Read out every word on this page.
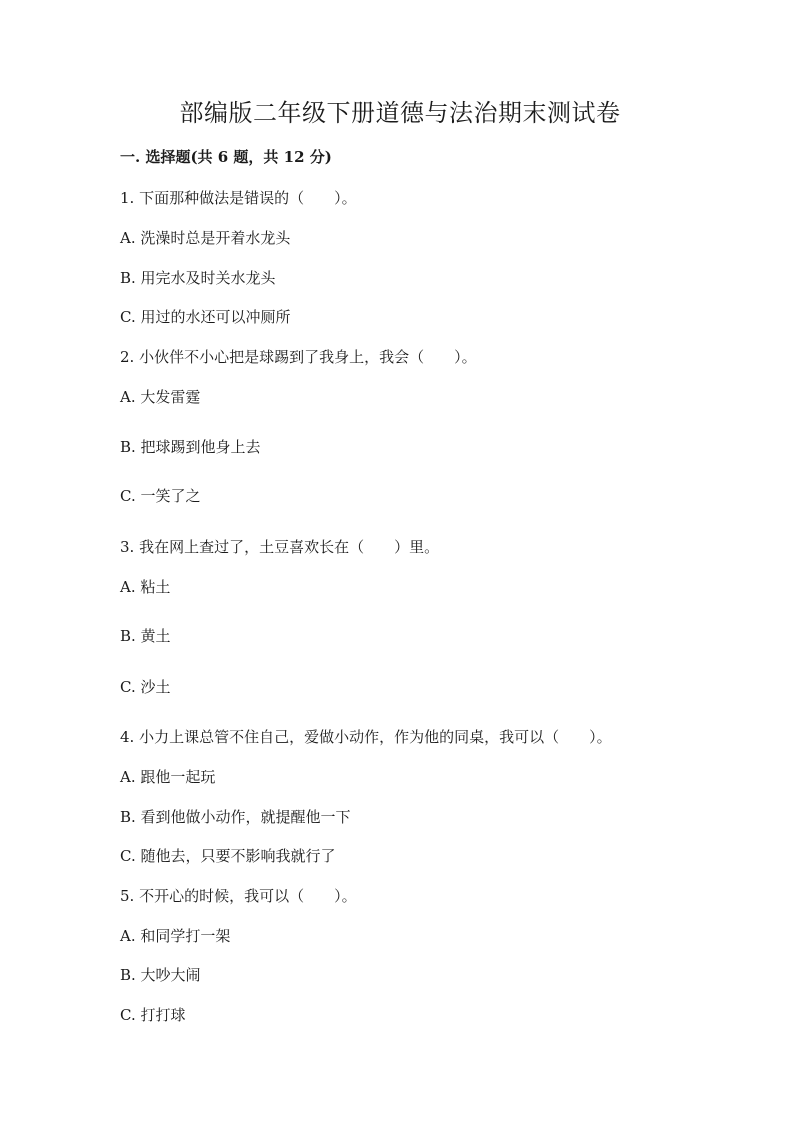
部编版二年级下册道德与法治期末测试卷
一. 选择题(共 6 题，共 12 分)
1. 下面那种做法是错误的（　　）。
A. 洗澡时总是开着水龙头
B. 用完水及时关水龙头
C. 用过的水还可以冲厕所
2. 小伙伴不小心把是球踢到了我身上，我会（　　）。
A. 大发雷霆
B. 把球踢到他身上去
C. 一笑了之
3. 我在网上查过了，土豆喜欢长在（　　）里。
A. 粘土
B. 黄土
C. 沙土
4. 小力上课总管不住自己，爱做小动作，作为他的同桌，我可以（　　）。
A. 跟他一起玩
B. 看到他做小动作，就提醒他一下
C. 随他去，只要不影响我就行了
5. 不开心的时候，我可以（　　）。
A. 和同学打一架
B. 大吵大闹
C. 打打球
